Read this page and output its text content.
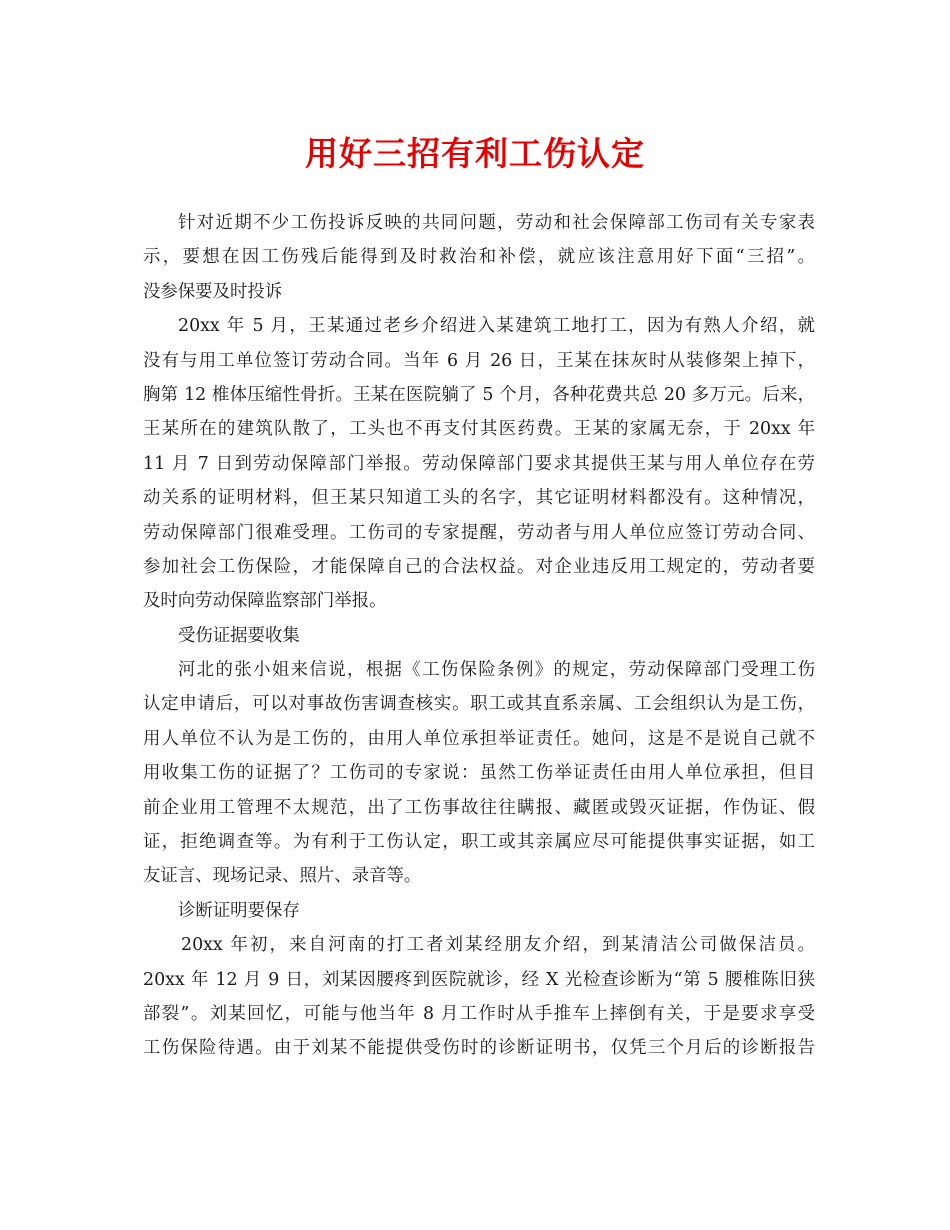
用好三招有利工伤认定
针对近期不少工伤投诉反映的共同问题，劳动和社会保障部工伤司有关专家表
示，要想在因工伤残后能得到及时救治和补偿，就应该注意用好下面“三招”。
没参保要及时投诉
20xx 年 5 月，王某通过老乡介绍进入某建筑工地打工，因为有熟人介绍，就
没有与用工单位签订劳动合同。当年 6 月 26 日，王某在抹灰时从装修架上掉下，
胸第 12 椎体压缩性骨折。王某在医院躺了 5 个月，各种花费共总 20 多万元。后来，
王某所在的建筑队散了，工头也不再支付其医药费。王某的家属无奈，于 20xx 年
11 月 7 日到劳动保障部门举报。劳动保障部门要求其提供王某与用人单位存在劳
动关系的证明材料，但王某只知道工头的名字，其它证明材料都没有。这种情况，
劳动保障部门很难受理。工伤司的专家提醒，劳动者与用人单位应签订劳动合同、
参加社会工伤保险，才能保障自己的合法权益。对企业违反用工规定的，劳动者要
及时向劳动保障监察部门举报。
受伤证据要收集
河北的张小姐来信说，根据《工伤保险条例》的规定，劳动保障部门受理工伤
认定申请后，可以对事故伤害调查核实。职工或其直系亲属、工会组织认为是工伤，
用人单位不认为是工伤的，由用人单位承担举证责任。她问，这是不是说自己就不
用收集工伤的证据了？工伤司的专家说：虽然工伤举证责任由用人单位承担，但目
前企业用工管理不太规范，出了工伤事故往往瞒报、藏匿或毁灭证据，作伪证、假
证，拒绝调查等。为有利于工伤认定，职工或其亲属应尽可能提供事实证据，如工
友证言、现场记录、照片、录音等。
诊断证明要保存
20xx 年初，来自河南的打工者刘某经朋友介绍，到某清洁公司做保洁员。
20xx 年 12 月 9 日，刘某因腰疼到医院就诊，经 X 光检查诊断为“第 5 腰椎陈旧狭
部裂”。刘某回忆，可能与他当年 8 月工作时从手推车上摔倒有关，于是要求享受
工伤保险待遇。由于刘某不能提供受伤时的诊断证明书，仅凭三个月后的诊断报告
